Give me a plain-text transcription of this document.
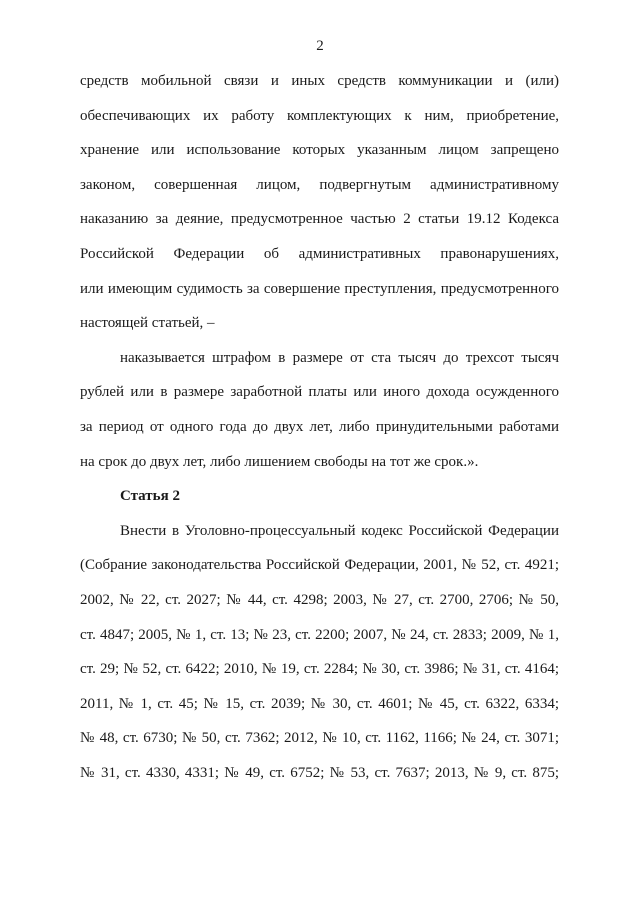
2
средств мобильной связи и иных средств коммуникации и (или)
обеспечивающих их работу комплектующих к ним, приобретение,
хранение или использование которых указанным лицом запрещено
законом, совершенная лицом, подвергнутым административному
наказанию за деяние, предусмотренное частью 2 статьи 19.12 Кодекса
Российской Федерации об административных правонарушениях,
или имеющим судимость за совершение преступления, предусмотренного
настоящей статьей, –
наказывается штрафом в размере от ста тысяч до трехсот тысяч
рублей или в размере заработной платы или иного дохода осужденного
за период от одного года до двух лет, либо принудительными работами
на срок до двух лет, либо лишением свободы на тот же срок.».
Статья 2
Внести в Уголовно-процессуальный кодекс Российской Федерации
(Собрание законодательства Российской Федерации, 2001, № 52, ст. 4921;
2002, № 22, ст. 2027; № 44, ст. 4298; 2003, № 27, ст. 2700, 2706; № 50,
ст. 4847; 2005, № 1, ст. 13; № 23, ст. 2200; 2007, № 24, ст. 2833; 2009, № 1,
ст. 29; № 52, ст. 6422; 2010, № 19, ст. 2284; № 30, ст. 3986; № 31, ст. 4164;
2011, № 1, ст. 45; № 15, ст. 2039; № 30, ст. 4601; № 45, ст. 6322, 6334;
№ 48, ст. 6730; № 50, ст. 7362; 2012, № 10, ст. 1162, 1166; № 24, ст. 3071;
№ 31, ст. 4330, 4331; № 49, ст. 6752; № 53, ст. 7637; 2013, № 9, ст. 875;
